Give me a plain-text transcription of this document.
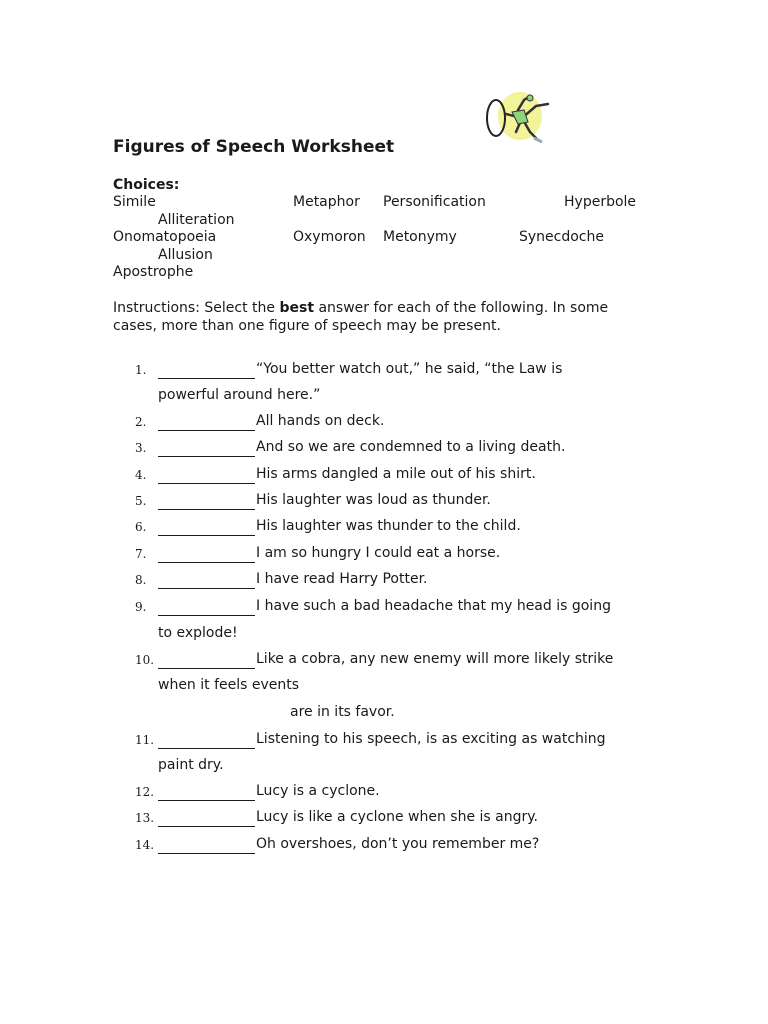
Figures of Speech Worksheet
Choices:
Simile	Metaphor Personification	Hyperbole
Alliteration
Onomatopoeia	Oxymoron Metonymy	Synecdoche
Allusion
Apostrophe
Instructions: Select the best answer for each of the following. In some cases, more than one figure of speech may be present.
1.	“You better watch out,” he said, “the Law is
powerful around here.”
2.	All hands on deck.
3.	And so we are condemned to a living death.
4.	His arms dangled a mile out of his shirt.
5.	His laughter was loud as thunder.
6.	His laughter was thunder to the child.
7.	I am so hungry I could eat a horse.
8.	I have read Harry Potter.
9.	I have such a bad headache that my head is going
to explode!
10.	Like a cobra, any new enemy will more likely strike
when it feels events
are in its favor.
11.	Listening to his speech, is as exciting as watching
paint dry.
12.	Lucy is a cyclone.
13.	Lucy is like a cyclone when she is angry.
14.	Oh overshoes, don’t you remember me?
